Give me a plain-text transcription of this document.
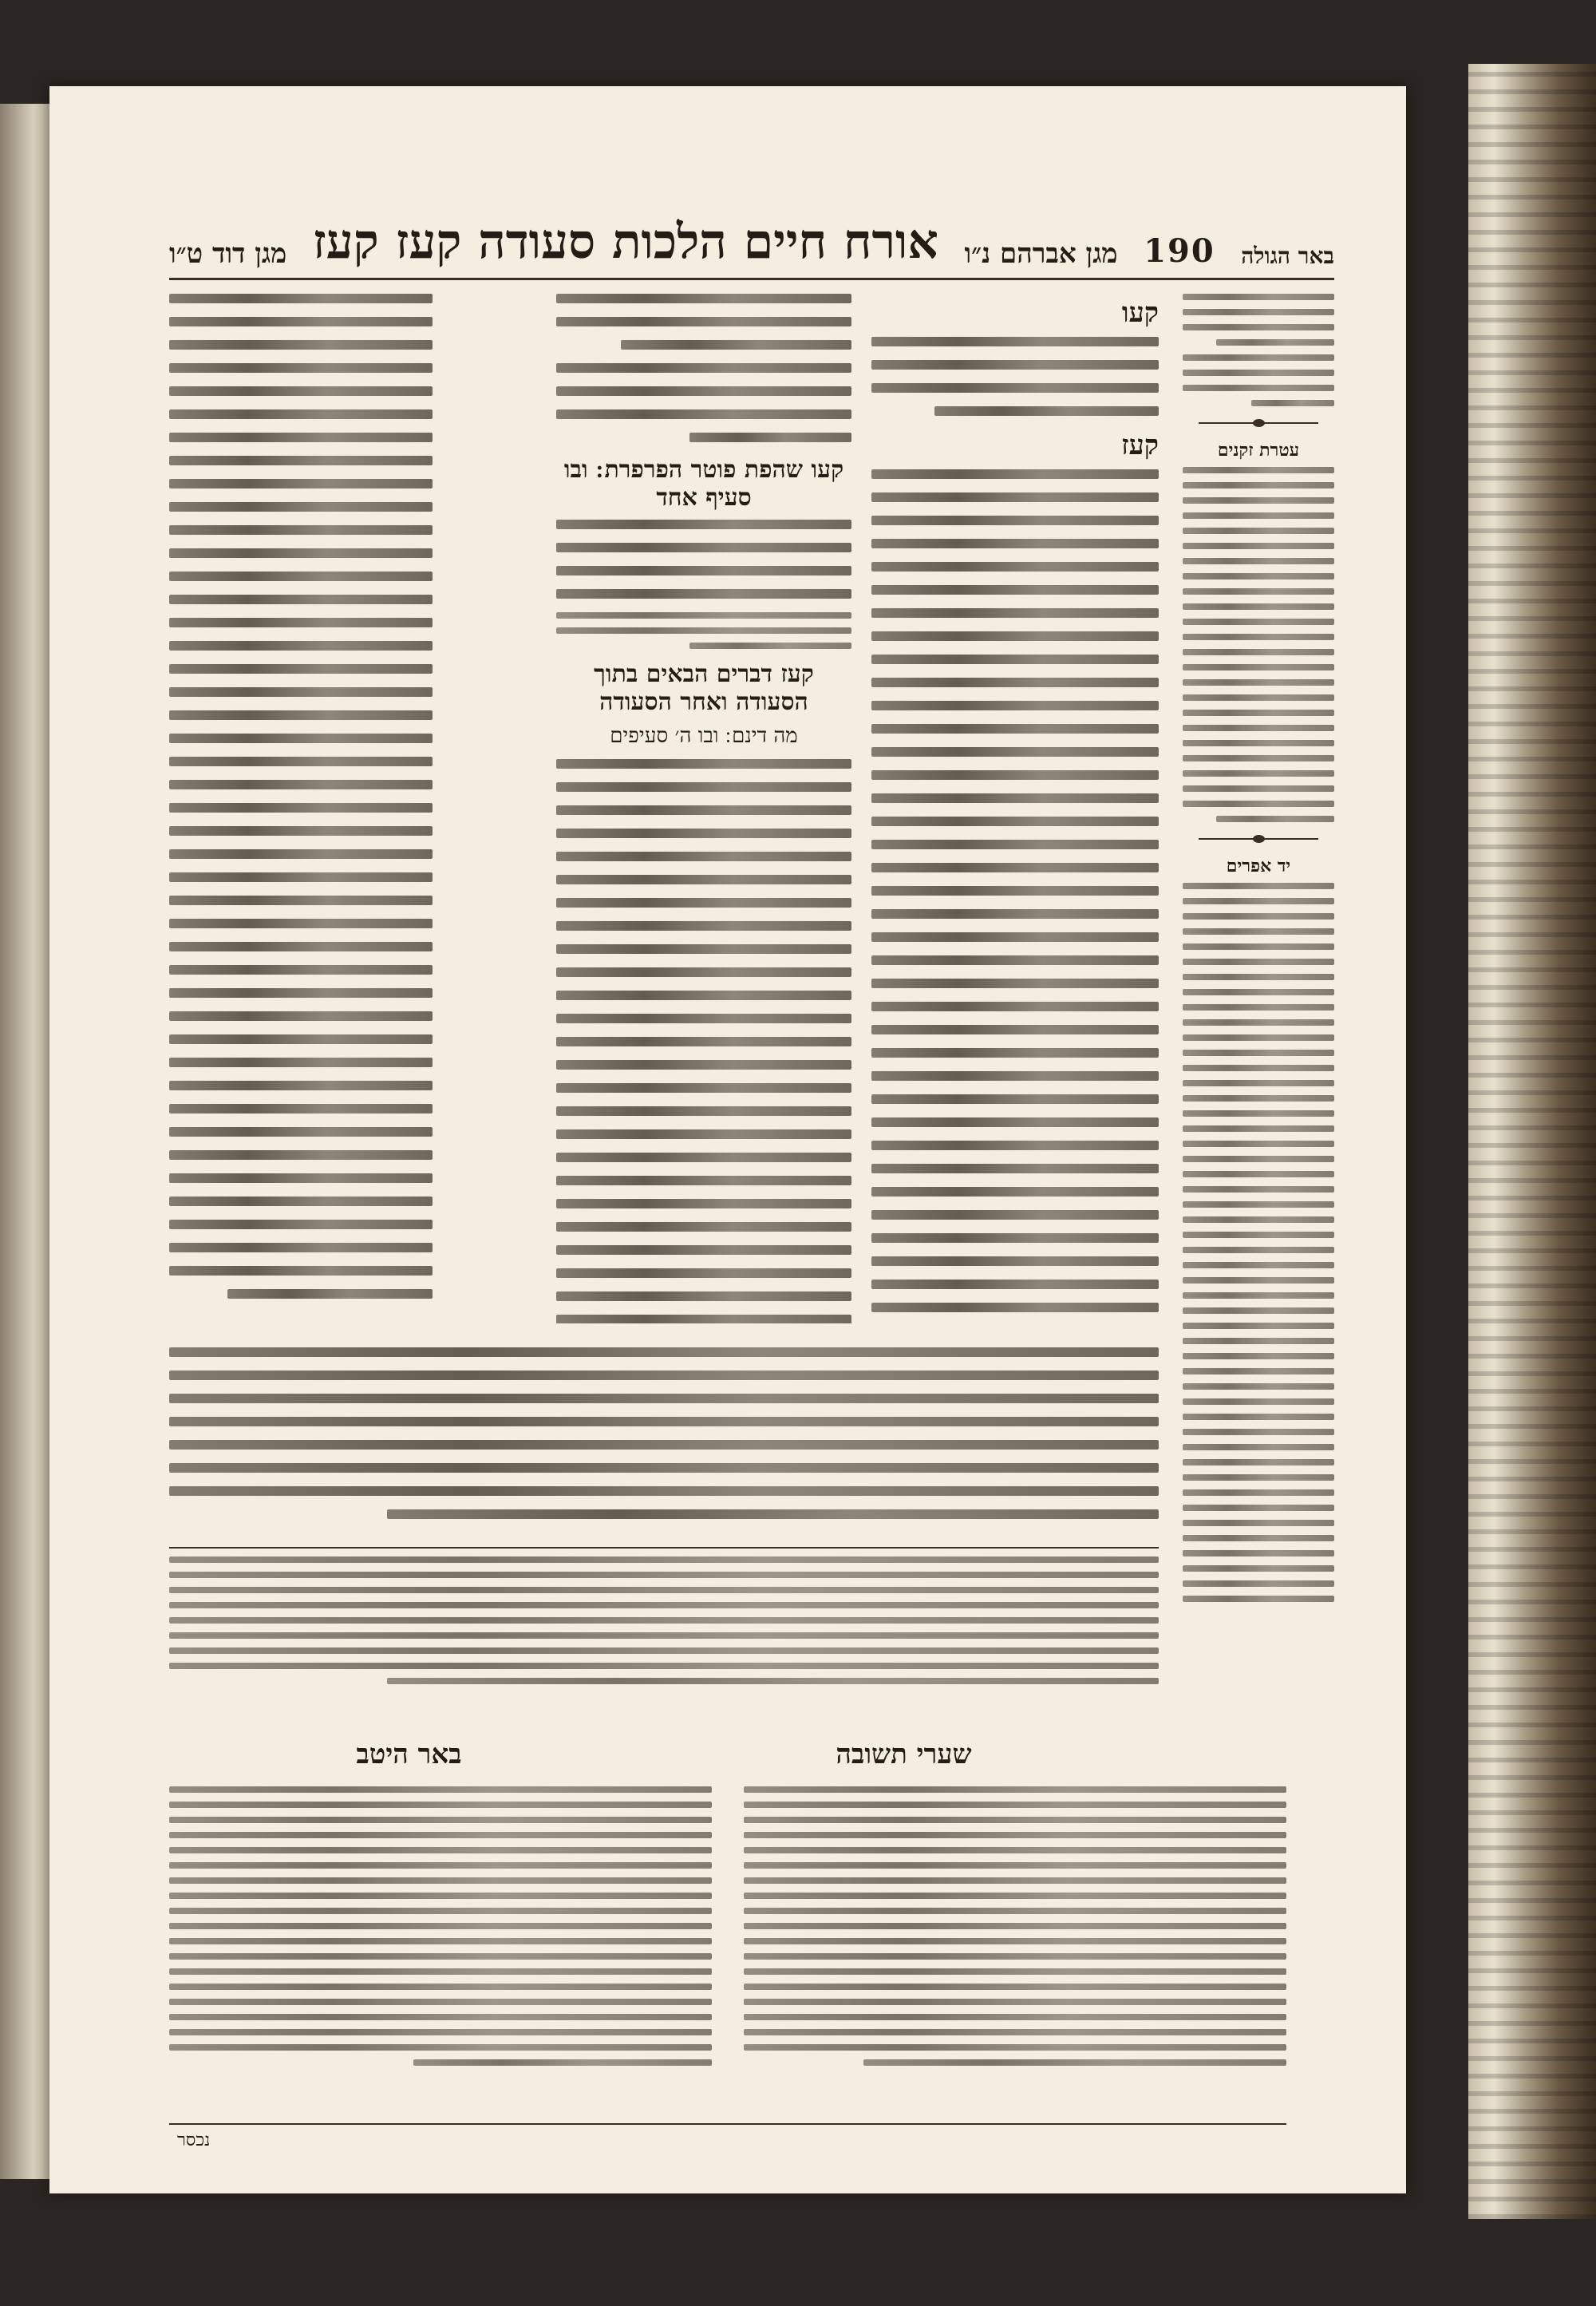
באר הגולה
190
מגן אברהם נ״ו
אורח חיים הלכות סעודה קעז קעז
מגן דוד ט״ו
עטרת זקנים
יד אפרים
קעו
קעז
קעו שהפת פוטר הפרפרת ׃ ובו סעיף אחד
קעז דברים הבאים בתוך הסעודה ואחר הסעודה
מה דינם ׃ ובו ה׳ סעיפים
שערי תשובה
באר היטב
נכסר
